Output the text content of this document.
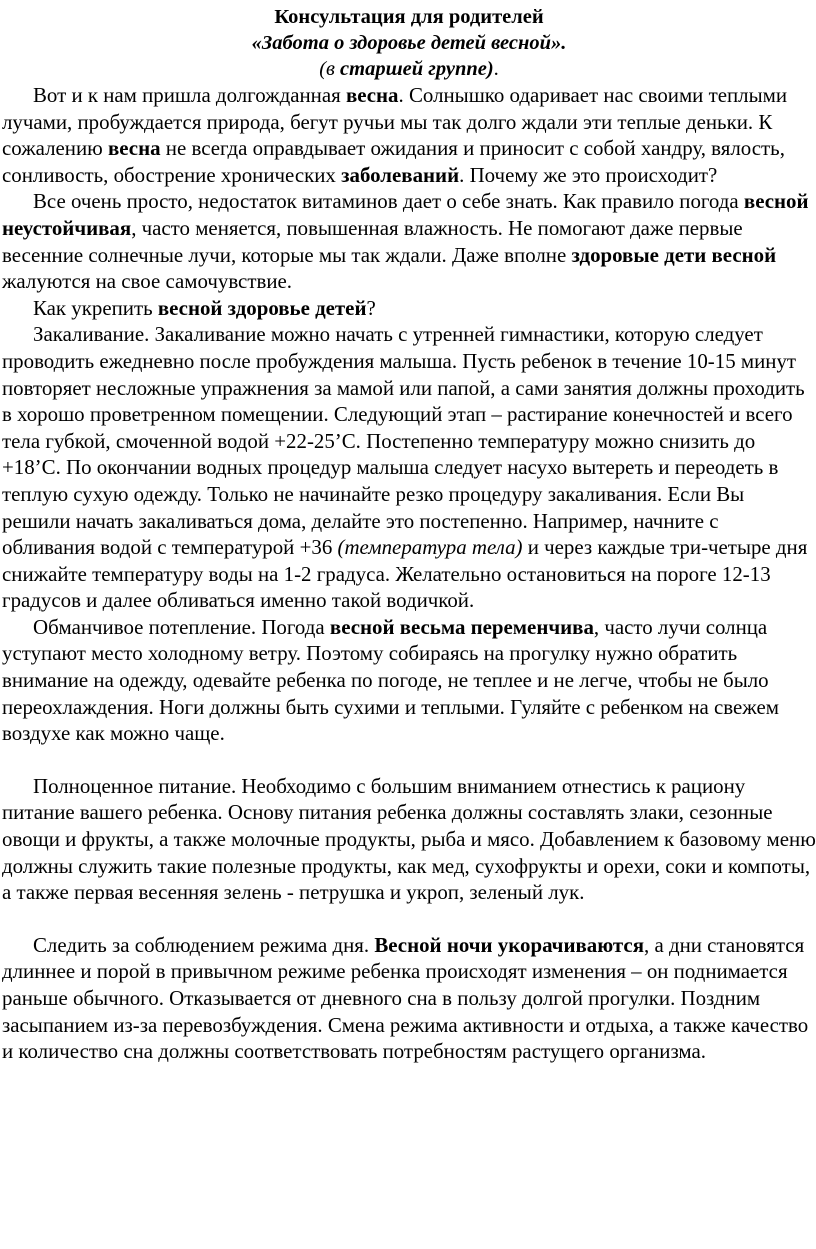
Консультация для родителей
«Забота о здоровье детей весной».
(в старшей группе).

Вот и к нам пришла долгожданная весна. Солнышко одаривает нас своими теплыми лучами, пробуждается природа, бегут ручьи мы так долго ждали эти теплые деньки. К сожалению весна не всегда оправдывает ожидания и приносит с собой хандру, вялость, сонливость, обострение хронических заболеваний. Почему же это происходит?

Все очень просто, недостаток витаминов дает о себе знать. Как правило погода весной неустойчивая, часто меняется, повышенная влажность. Не помогают даже первые весенние солнечные лучи, которые мы так ждали. Даже вполне здоровые дети весной жалуются на свое самочувствие.

Как укрепить весной здоровье детей?

Закаливание. Закаливание можно начать с утренней гимнастики, которую следует проводить ежедневно после пробуждения малыша. Пусть ребенок в течение 10-15 минут повторяет несложные упражнения за мамой или папой, а сами занятия должны проходить в хорошо проветренном помещении. Следующий этап – растирание конечностей и всего тела губкой, смоченной водой +22-25’С. Постепенно температуру можно снизить до +18’С. По окончании водных процедур малыша следует насухо вытереть и переодеть в теплую сухую одежду. Только не начинайте резко процедуру закаливания. Если Вы решили начать закаливаться дома, делайте это постепенно. Например, начните с обливания водой с температурой +36 (температура тела) и через каждые три-четыре дня снижайте температуру воды на 1-2 градуса. Желательно остановиться на пороге 12-13 градусов и далее обливаться именно такой водичкой.

Обманчивое потепление. Погода весной весьма переменчива, часто лучи солнца уступают место холодному ветру. Поэтому собираясь на прогулку нужно обратить внимание на одежду, одевайте ребенка по погоде, не теплее и не легче, чтобы не было переохлаждения. Ноги должны быть сухими и теплыми. Гуляйте с ребенком на свежем воздухе как можно чаще.

Полноценное питание. Необходимо с большим вниманием отнестись к рациону питание вашего ребенка. Основу питания ребенка должны составлять злаки, сезонные овощи и фрукты, а также молочные продукты, рыба и мясо. Добавлением к базовому меню должны служить такие полезные продукты, как мед, сухофрукты и орехи, соки и компоты, а также первая весенняя зелень - петрушка и укроп, зеленый лук.

Следить за соблюдением режима дня. Весной ночи укорачиваются, а дни становятся длиннее и порой в привычном режиме ребенка происходят изменения – он поднимается раньше обычного. Отказывается от дневного сна в пользу долгой прогулки. Поздним засыпанием из-за перевозбуждения. Смена режима активности и отдыха, а также качество и количество сна должны соответствовать потребностям растущего организма.
